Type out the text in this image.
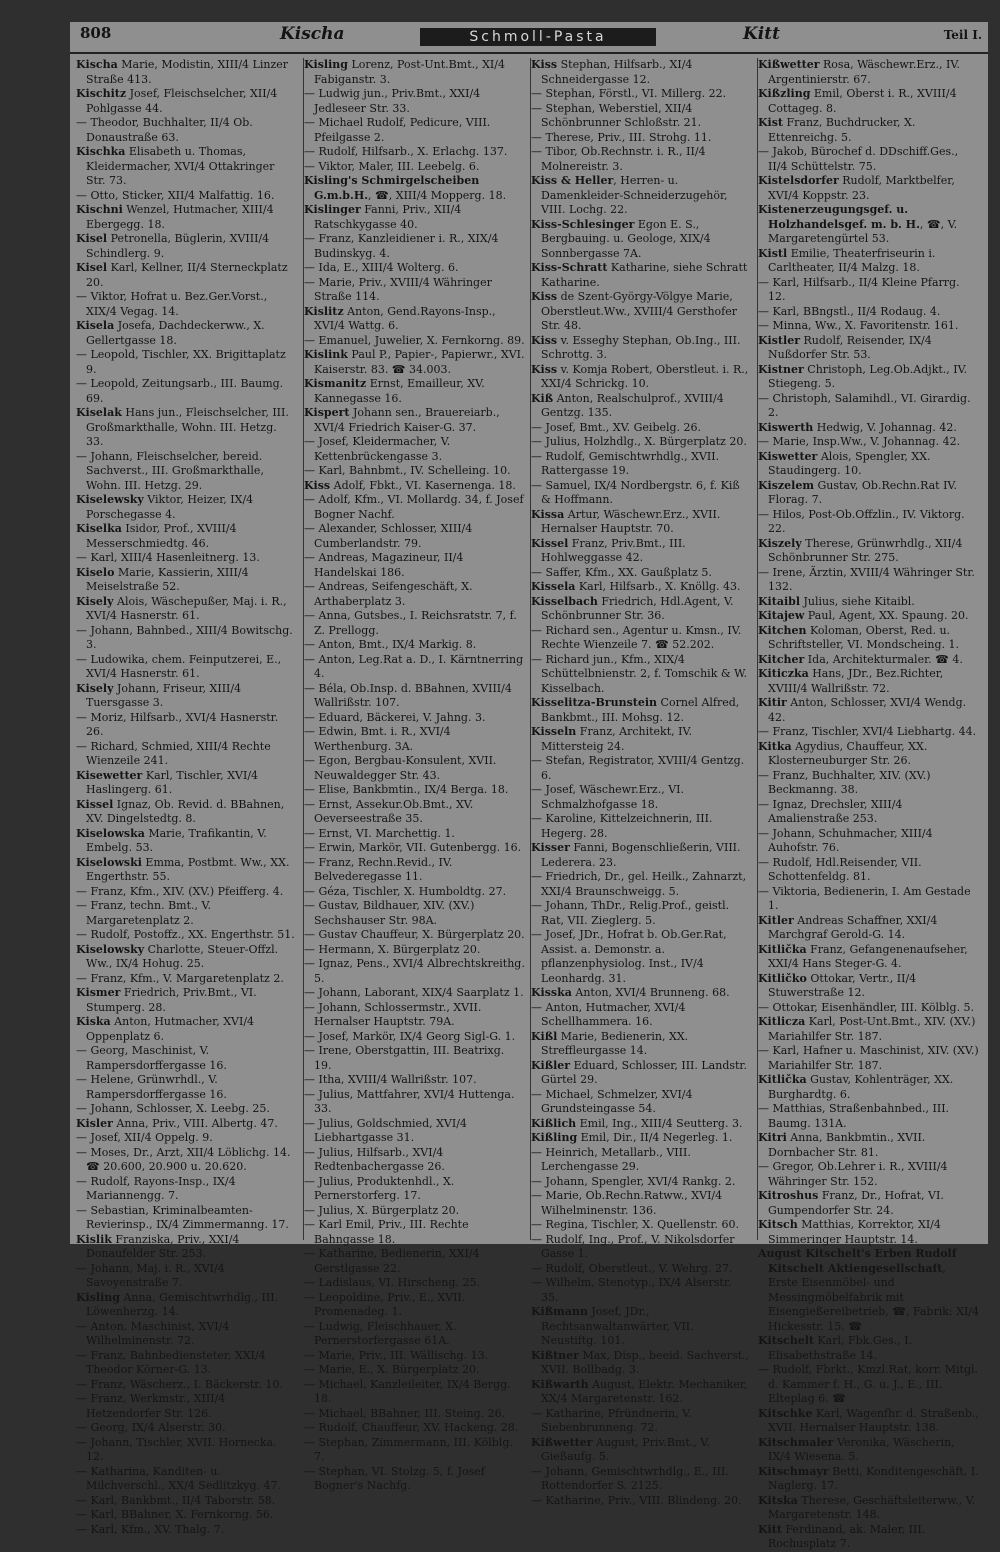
808	Kischa	Schmoll-Pasta	Kitt	Teil I.

Kischa Marie, Modistin, XIII/4 Linzer Straße 413.

Kischitz Josef, Fleischselcher, XII/4 Pohlgasse 44.

— Theodor, Buchhalter, II/4 Ob. Donaustraße 63.

Kischka Elisabeth u. Thomas, Kleidermacher, XVI/4 Ottakringer Str. 73.

— Otto, Sticker, XII/4 Malfattig. 16.

Kischni Wenzel, Hutmacher, XIII/4 Ebergegg. 18.

Kisel Petronella, Büglerin, XVIII/4 Schindlerg. 9.

Kisel Karl, Kellner, II/4 Sterneckplatz 20.

— Viktor, Hofrat u. Bez.Ger.Vorst., XIX/4 Vegag. 14.

Kisela Josefa, Dachdeckerww., X. Gellertgasse 18.

— Leopold, Tischler, XX. Brigittaplatz 9.

— Leopold, Zeitungsarb., III. Baumg. 69.

Kiselak Hans jun., Fleischselcher, III. Großmarkthalle, Wohn. III. Hetzg. 33.

— Johann, Fleischselcher, bereid. Sachverst., III. Großmarkthalle, Wohn. III. Hetzg. 29.

Kiselewsky Viktor, Heizer, IX/4 Porschegasse 4.

Kiselka Isidor, Prof., XVIII/4 Messerschmiedtg. 46.

— Karl, XIII/4 Hasenleitnerg. 13.

Kiselo Marie, Kassierin, XIII/4 Meiselstraße 52.

Kisely Alois, Wäschepußer, Maj. i. R., XVI/4 Hasnerstr. 61.

— Johann, Bahnbed., XIII/4 Bowitschg. 3.

— Ludowika, chem. Feinputzerei, E., XVI/4 Hasnerstr. 61.

Kisely Johann, Friseur, XIII/4 Tuersgasse 3.

— Moriz, Hilfsarb., XVI/4 Hasnerstr. 26.

— Richard, Schmied, XIII/4 Rechte Wienzeile 241.

Kisewetter Karl, Tischler, XVI/4 Haslingerg. 61.

Kissel Ignaz, Ob. Revid. d. BBahnen, XV. Dingelstedtg. 8.

Kiselowska Marie, Trafikantin, V. Embelg. 53.

Kiselowski Emma, Postbmt. Ww., XX. Engerthstr. 55.

— Franz, Kfm., XIV. (XV.) Pfeifferg. 4.

— Franz, techn. Bmt., V. Margaretenplatz 2.

— Rudolf, Postoffz., XX. Engerthstr. 51.

Kiselowsky Charlotte, Steuer-Offzl. Ww., IX/4 Hohug. 25.

— Franz, Kfm., V. Margaretenplatz 2.

Kismer Friedrich, Priv.Bmt., VI. Stumperg. 28.

Kiska Anton, Hutmacher, XVI/4 Oppenplatz 6.

— Georg, Maschinist, V. Rampersdorffergasse 16.

— Helene, Grünwrhdl., V. Rampersdorffergasse 16.

— Johann, Schlosser, X. Leebg. 25.

Kisler Anna, Priv., VIII. Albertg. 47.

— Josef, XII/4 Oppelg. 9.

— Moses, Dr., Arzt, XII/4 Löblichg. 14. ☎ 20.600, 20.900 u. 20.620.

— Rudolf, Rayons-Insp., IX/4 Mariannengg. 7.

— Sebastian, Kriminalbeamten-Revierinsp., IX/4 Zimmermanng. 17.

Kislik Franziska, Priv., XXI/4 Donaufelder Str. 253.

— Johann, Maj. i. R., XVI/4 Savoyenstraße 7.

Kisling Anna, Gemischtwrhdlg., III. Löwenherzg. 14.

— Anton, Maschinist, XVI/4 Wilhelminenstr. 72.

— Franz, Bahnbediensteter, XXI/4 Theodor Körner-G. 13.

— Franz, Wäscherz., I. Bäckerstr. 10.

— Franz, Werkmstr., XIII/4 Hetzendorfer Str. 126.

— Georg, IX/4 Alserstr. 30.

— Johann, Tischler, XVII. Hornecka. 12.

— Katharina, Kanditen- u. Milchverschl., XX/4 Sedlitzkyg. 47.

— Karl, Bankbmt., II/4 Taborstr. 58.

— Karl, BBahner, X. Fernkorng. 56.

— Karl, Kfm., XV. Thalg. 7.

Kisling Lorenz, Post-Unt.Bmt., XI/4 Fabiganstr. 3.

— Ludwig jun., Priv.Bmt., XXI/4 Jedleseer Str. 33.

— Michael Rudolf, Pedicure, VIII. Pfeilgasse 2.

— Rudolf, Hilfsarb., X. Erlachg. 137.

— Viktor, Maler, III. Leebelg. 6.

Kisling's Schmirgelscheiben G.m.b.H., ☎, XIII/4 Mopperg. 18.

Kislinger Fanni, Priv., XII/4 Ratschkygasse 40.

— Franz, Kanzleidiener i. R., XIX/4 Budinskyg. 4.

— Ida, E., XIII/4 Wolterg. 6.

— Marie, Priv., XVIII/4 Währinger Straße 114.

Kislitz Anton, Gend.Rayons-Insp., XVI/4 Wattg. 6.

— Emanuel, Juwelier, X. Fernkorng. 89.

Kislink Paul P., Papier-, Papierwr., XVI. Kaiserstr. 83. ☎ 34.003.

Kismanitz Ernst, Emailleur, XV. Kannegasse 16.

Kispert Johann sen., Brauereiarb., XVI/4 Friedrich Kaiser-G. 37.

— Josef, Kleidermacher, V. Kettenbrückengasse 3.

— Karl, Bahnbmt., IV. Schelleing. 10.

Kiss Adolf, Fbkt., VI. Kasernenga. 18.

— Adolf, Kfm., VI. Mollardg. 34, f. Josef Bogner Nachf.

— Alexander, Schlosser, XIII/4 Cumberlandstr. 79.

— Andreas, Magazineur, II/4 Handelskai 186.

— Andreas, Seifengeschäft, X. Arthaberplatz 3.

— Anna, Gutsbes., I. Reichsratstr. 7, f. Z. Prellogg.

— Anton, Bmt., IX/4 Markig. 8.

— Anton, Leg.Rat a. D., I. Kärntnerring 4.

— Béla, Ob.Insp. d. BBahnen, XVIII/4 Wallrißstr. 107.

— Eduard, Bäckerei, V. Jahng. 3.

— Edwin, Bmt. i. R., XVI/4 Werthenburg. 3A.

— Egon, Bergbau-Konsulent, XVII. Neuwaldegger Str. 43.

— Elise, Bankbmtin., IX/4 Berga. 18.

— Ernst, Assekur.Ob.Bmt., XV. Oeverseestraße 35.

— Ernst, VI. Marchettig. 1.

— Erwin, Markör, VII. Gutenbergg. 16.

— Franz, Rechn.Revid., IV. Belvederegasse 11.

— Géza, Tischler, X. Humboldtg. 27.

— Gustav, Bildhauer, XIV. (XV.) Sechshauser Str. 98A.

— Gustav Chauffeur, X. Bürgerplatz 20.

— Hermann, X. Bürgerplatz 20.

— Ignaz, Pens., XVI/4 Albrechtskreithg. 5.

— Johann, Laborant, XIX/4 Saarplatz 1.

— Johann, Schlossermstr., XVII. Hernalser Hauptstr. 79A.

— Josef, Markör, IX/4 Georg Sigl-G. 1.

— Irene, Oberstgattin, III. Beatrixg. 19.

— Itha, XVIII/4 Wallrißstr. 107.

— Julius, Mattfahrer, XVI/4 Huttenga. 33.

— Julius, Goldschmied, XVI/4 Liebhartgasse 31.

— Julius, Hilfsarb., XVI/4 Redtenbachergasse 26.

— Julius, Produktenhdl., X. Pernerstorferg. 17.

— Julius, X. Bürgerplatz 20.

— Karl Emil, Priv., III. Rechte Bahngasse 18.

— Katharine, Bedienerin, XXI/4 Gerstlgasse 22.

— Ladislaus, VI. Hirscheng. 25.

— Leopoldine, Priv., E., XVII. Promenadeg. 1.

— Ludwig, Fleischhauer, X. Pernerstorfergasse 61A.

— Marie, Priv., III. Wällischg. 13.

— Marie, E., X. Bürgerplatz 20.

— Michael, Kanzleileiter, IX/4 Bergg. 18.

— Michael, BBahner, III. Steing. 26.

— Rudolf, Chauffeur, XV. Hackeng. 28.

— Stephan, Zimmermann, III. Kölblg. 7.

— Stephan, VI. Stolzg. 5, f. Josef Bogner's Nachfg.

Kiss Stephan, Hilfsarb., XI/4 Schneidergasse 12.

— Stephan, Förstl., VI. Millerg. 22.

— Stephan, Weberstiel, XII/4 Schönbrunner Schloßstr. 21.

— Therese, Priv., III. Strohg. 11.

— Tibor, Ob.Rechnstr. i. R., II/4 Molnereistr. 3.

Kiss & Heller, Herren- u. Damenkleider-Schneiderzugehör, VIII. Lochg. 22.

Kiss-Schlesinger Egon E. S., Bergbauing. u. Geologe, XIX/4 Sonnbergasse 7A.

Kiss-Schratt Katharine, siehe Schratt Katharine.

Kiss de Szent-György-Völgye Marie, Oberstleut.Ww., XVIII/4 Gersthofer Str. 48.

Kiss v. Esseghy Stephan, Ob.Ing., III. Schrottg. 3.

Kiss v. Komja Robert, Oberstleut. i. R., XXI/4 Schrickg. 10.

Kiß Anton, Realschulprof., XVIII/4 Gentzg. 135.

— Josef, Bmt., XV. Geibelg. 26.

— Julius, Holzhdlg., X. Bürgerplatz 20.

— Rudolf, Gemischtwrhdlg., XVII. Rattergasse 19.

— Samuel, IX/4 Nordbergstr. 6, f. Kiß & Hoffmann.

Kissa Artur, Wäschewr.Erz., XVII. Hernalser Hauptstr. 70.

Kissel Franz, Priv.Bmt., III. Hohlweggasse 42.

— Saffer, Kfm., XX. Gaußplatz 5.

Kissela Karl, Hilfsarb., X. Knöllg. 43.

Kisselbach Friedrich, Hdl.Agent, V. Schönbrunner Str. 36.

— Richard sen., Agentur u. Kmsn., IV. Rechte Wienzeile 7. ☎ 52.202.

— Richard jun., Kfm., XIX/4 Schüttelbnienstr. 2, f. Tomschik & W. Kisselbach.

Kisselitza-Brunstein Cornel Alfred, Bankbmt., III. Mohsg. 12.

Kisseln Franz, Architekt, IV. Mittersteig 24.

— Stefan, Registrator, XVIII/4 Gentzg. 6.

— Josef, Wäschewr.Erz., VI. Schmalzhofgasse 18.

— Karoline, Kittelzeichnerin, III. Hegerg. 28.

Kisser Fanni, Bogenschließerin, VIII. Lederera. 23.

— Friedrich, Dr., gel. Heilk., Zahnarzt, XXI/4 Braunschweigg. 5.

— Johann, ThDr., Relig.Prof., geistl. Rat, VII. Zieglerg. 5.

— Josef, JDr., Hofrat b. Ob.Ger.Rat, Assist. a. Demonstr. a. pflanzenphysiolog. Inst., IV/4 Leonhardg. 31.

Kisska Anton, XVI/4 Brunneng. 68.

— Anton, Hutmacher, XVI/4 Schellhammera. 16.

Kißl Marie, Bedienerin, XX. Streffleurgasse 14.

Kißler Eduard, Schlosser, III. Landstr. Gürtel 29.

— Michael, Schmelzer, XVI/4 Grundsteingasse 54.

Kißlich Emil, Ing., XIII/4 Seutterg. 3.

Kißling Emil, Dir., II/4 Negerleg. 1.

— Heinrich, Metallarb., VIII. Lerchengasse 29.

— Johann, Spengler, XVI/4 Rankg. 2.

— Marie, Ob.Rechn.Ratww., XVI/4 Wilhelminenstr. 136.

— Regina, Tischler, X. Quellenstr. 60.

— Rudolf, Ing., Prof., V. Nikolsdorfer Gasse 1.

— Rudolf, Oberstleut., V. Wehrg. 27.

— Wilhelm, Stenotyp., IX/4 Alserstr. 35.

Kißmann Josef, JDr., Rechtsanwaltanwärter, VII. Neustiftg. 101.

Kißtner Max, Disp., beeid. Sachverst., XVII. Bollbadg. 3.

Kißwarth August, Elektr. Mechaniker, XX/4 Margaretenstr. 162.

— Katharine, Pfründnerin, V. Siebenbrunneng. 72.

Kißwetter August, Priv.Bmt., V. Gießaufg. 5.

— Johann, Gemischtwrhdlg., E., III. Rottendorfer S. 2125.

— Katharine, Priv., VIII. Blindeng. 20.

Kißwetter Rosa, Wäschewr.Erz., IV. Argentinierstr. 67.

Kißzling Emil, Oberst i. R., XVIII/4 Cottageg. 8.

Kist Franz, Buchdrucker, X. Ettenreichg. 5.

— Jakob, Bürochef d. DDschiff.Ges., II/4 Schüttelstr. 75.

Kistelsdorfer Rudolf, Marktbelfer, XVI/4 Koppstr. 23.

Kistenerzeugungsgef. u. Holzhandelsgef. m. b. H., ☎, V. Margaretengürtel 53.

Kistl Emilie, Theaterfriseurin i. Carltheater, II/4 Malzg. 18.

— Karl, Hilfsarb., II/4 Kleine Pfarrg. 12.

— Karl, BBngstl., II/4 Rodaug. 4.

— Minna, Ww., X. Favoritenstr. 161.

Kistler Rudolf, Reisender, IX/4 Nußdorfer Str. 53.

Kistner Christoph, Leg.Ob.Adjkt., IV. Stiegeng. 5.

— Christoph, Salamihdl., VI. Girardig. 2.

Kiswerth Hedwig, V. Johannag. 42.

— Marie, Insp.Ww., V. Johannag. 42.

Kiswetter Alois, Spengler, XX. Staudingerg. 10.

Kiszelem Gustav, Ob.Rechn.Rat IV. Florag. 7.

— Hilos, Post-Ob.Offzlin., IV. Viktorg. 22.

Kiszely Therese, Grünwrhdlg., XII/4 Schönbrunner Str. 275.

— Irene, Ärztin, XVIII/4 Währinger Str. 132.

Kitaibl Julius, siehe Kitaibl.

Kitajew Paul, Agent, XX. Spaung. 20.

Kitchen Koloman, Oberst, Red. u. Schriftsteller, VI. Mondscheing. 1.

Kitcher Ida, Architekturmaler. ☎ 4.

Kiticzka Hans, JDr., Bez.Richter, XVIII/4 Wallrißstr. 72.

Kitir Anton, Schlosser, XVI/4 Wendg. 42.

— Franz, Tischler, XVI/4 Liebhartg. 44.

Kitka Agydius, Chauffeur, XX. Klosterneuburger Str. 26.

— Franz, Buchhalter, XIV. (XV.) Beckmanng. 38.

— Ignaz, Drechsler, XIII/4 Amalienstraße 253.

— Johann, Schuhmacher, XIII/4 Auhofstr. 76.

— Rudolf, Hdl.Reisender, VII. Schottenfeldg. 81.

— Viktoria, Bedienerin, I. Am Gestade 1.

Kitler Andreas Schaffner, XXI/4 Marchgraf Gerold-G. 14.

Kitlička Franz, Gefangenenaufseher, XXI/4 Hans Steger-G. 4.

Kitličko Ottokar, Vertr., II/4 Stuwerstraße 12.

— Ottokar, Eisenhändler, III. Kölblg. 5.

Kitlicza Karl, Post-Unt.Bmt., XIV. (XV.) Mariahilfer Str. 187.

— Karl, Hafner u. Maschinist, XIV. (XV.) Mariahilfer Str. 187.

Kitlička Gustav, Kohlenträger, XX. Burghardtg. 6.

— Matthias, Straßenbahnbed., III. Baumg. 131A.

Kitri Anna, Bankbmtin., XVII. Dornbacher Str. 81.

— Gregor, Ob.Lehrer i. R., XVIII/4 Währinger Str. 152.

Kitroshus Franz, Dr., Hofrat, VI. Gumpendorfer Str. 24.

Kitsch Matthias, Korrektor, XI/4 Simmeringer Hauptstr. 14.

August Kitschelt's Erben Rudolf Kitschelt Aktiengesellschaft, Erste Eisenmöbel- und Messingmöbelfabrik mit Eisengießereibetrieb, ☎, Fabrik: XI/4 Hickesstr. 15. ☎

Kitschelt Karl, Fbk.Ges., I. Elisabethstraße 14.

— Rudolf, Fbrkt., Kmzl.Rat, korr. Mitgl. d. Kammer f. H., G. u. J., E., III. Elteplag 6. ☎

Kitschke Karl, Wagenfhr. d. Straßenb., XVII. Hernalser Hauptstr. 138.

Kitschmaler Veronika, Wäscherin, IX/4 Wiesena. 5.

Kitschmayr Betti, Konditengeschäft, I. Naglerg. 17.

Kitska Therese, Geschäftsleiterww., V. Margaretenstr. 148.

Kitt Ferdinand, ak. Maler, III. Rochusplatz 7.
